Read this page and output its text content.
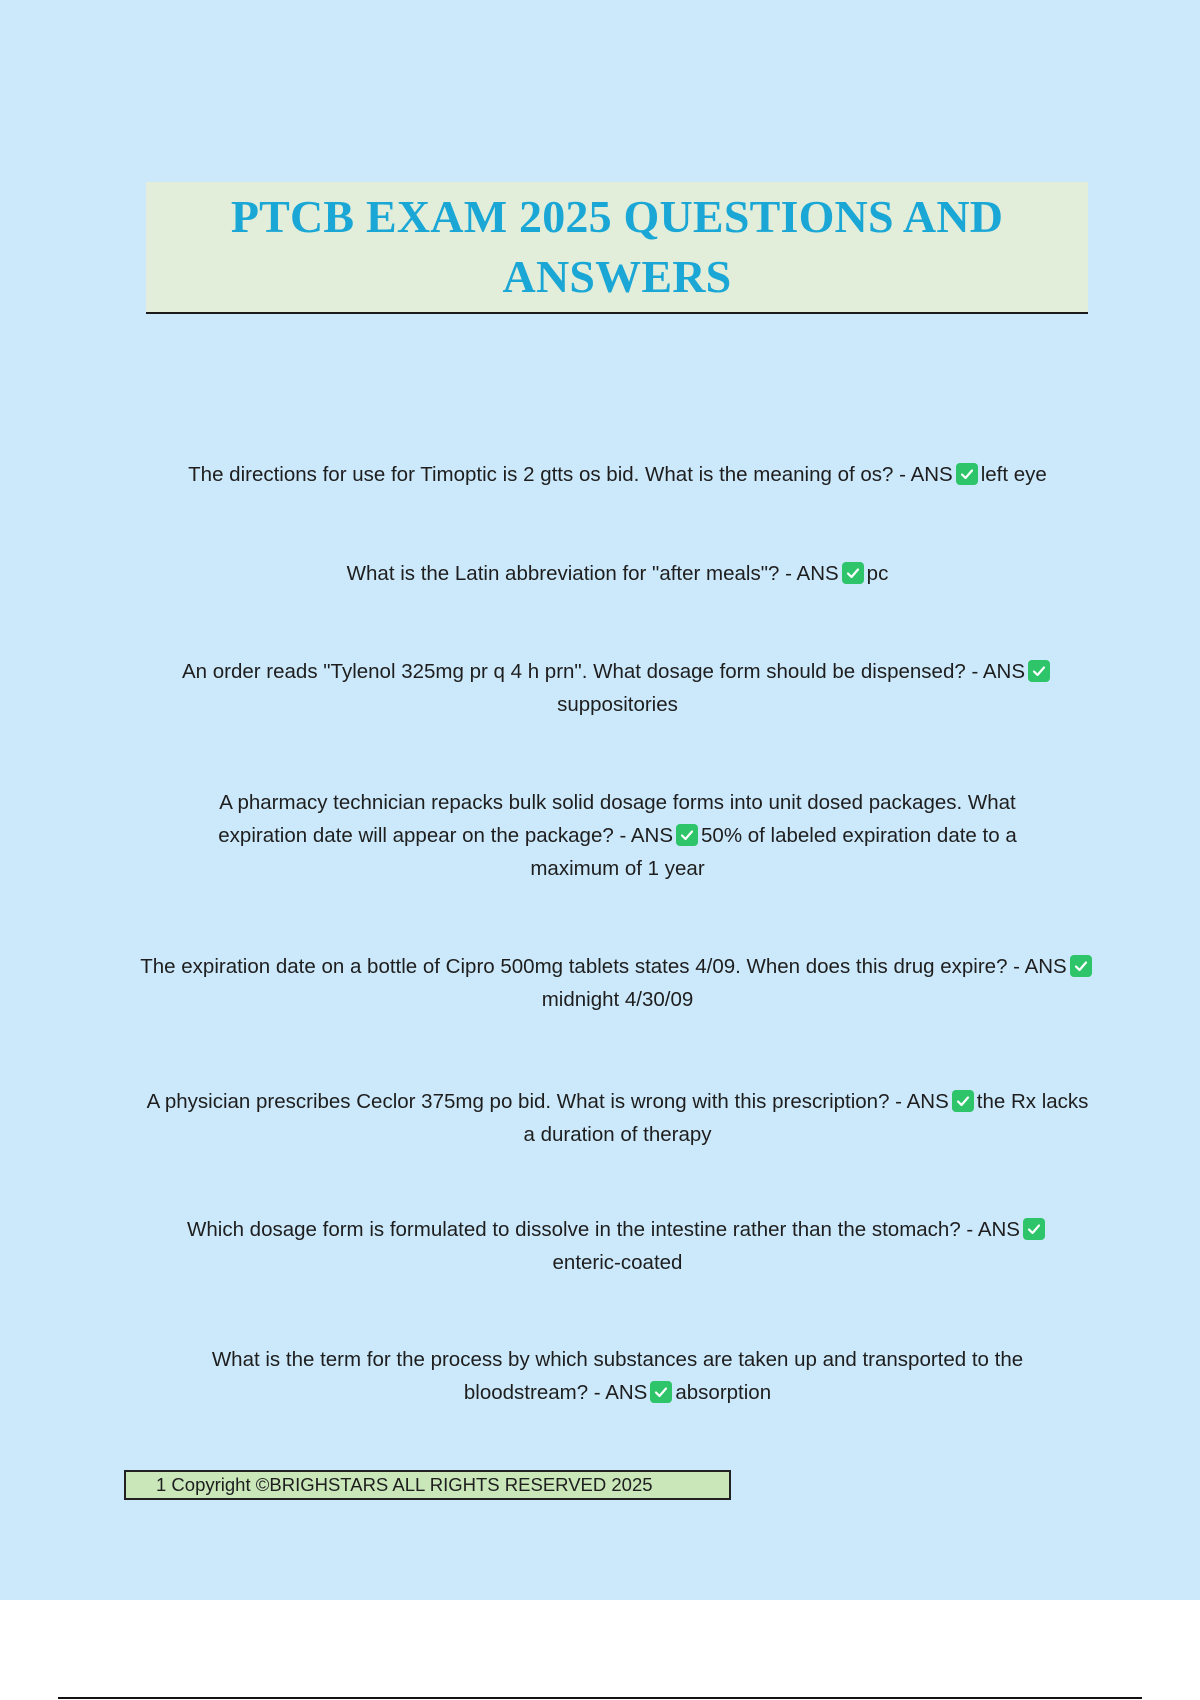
PTCB EXAM 2025 QUESTIONS AND ANSWERS

The directions for use for Timoptic is 2 gtts os bid. What is the meaning of os? - ANS left eye

What is the Latin abbreviation for "after meals"? - ANS pc

An order reads "Tylenol 325mg pr q 4 h prn". What dosage form should be dispensed? - ANS
suppositories

A pharmacy technician repacks bulk solid dosage forms into unit dosed packages. What expiration date will appear on the package? - ANS 50% of labeled expiration date to a maximum of 1 year

The expiration date on a bottle of Cipro 500mg tablets states 4/09. When does this drug expire? - ANS
midnight 4/30/09

A physician prescribes Ceclor 375mg po bid. What is wrong with this prescription? - ANS the Rx lacks a duration of therapy

Which dosage form is formulated to dissolve in the intestine rather than the stomach? - ANS
enteric-coated

What is the term for the process by which substances are taken up and transported to the bloodstream? - ANS absorption

1 Copyright ©BRIGHSTARS ALL RIGHTS RESERVED 2025
